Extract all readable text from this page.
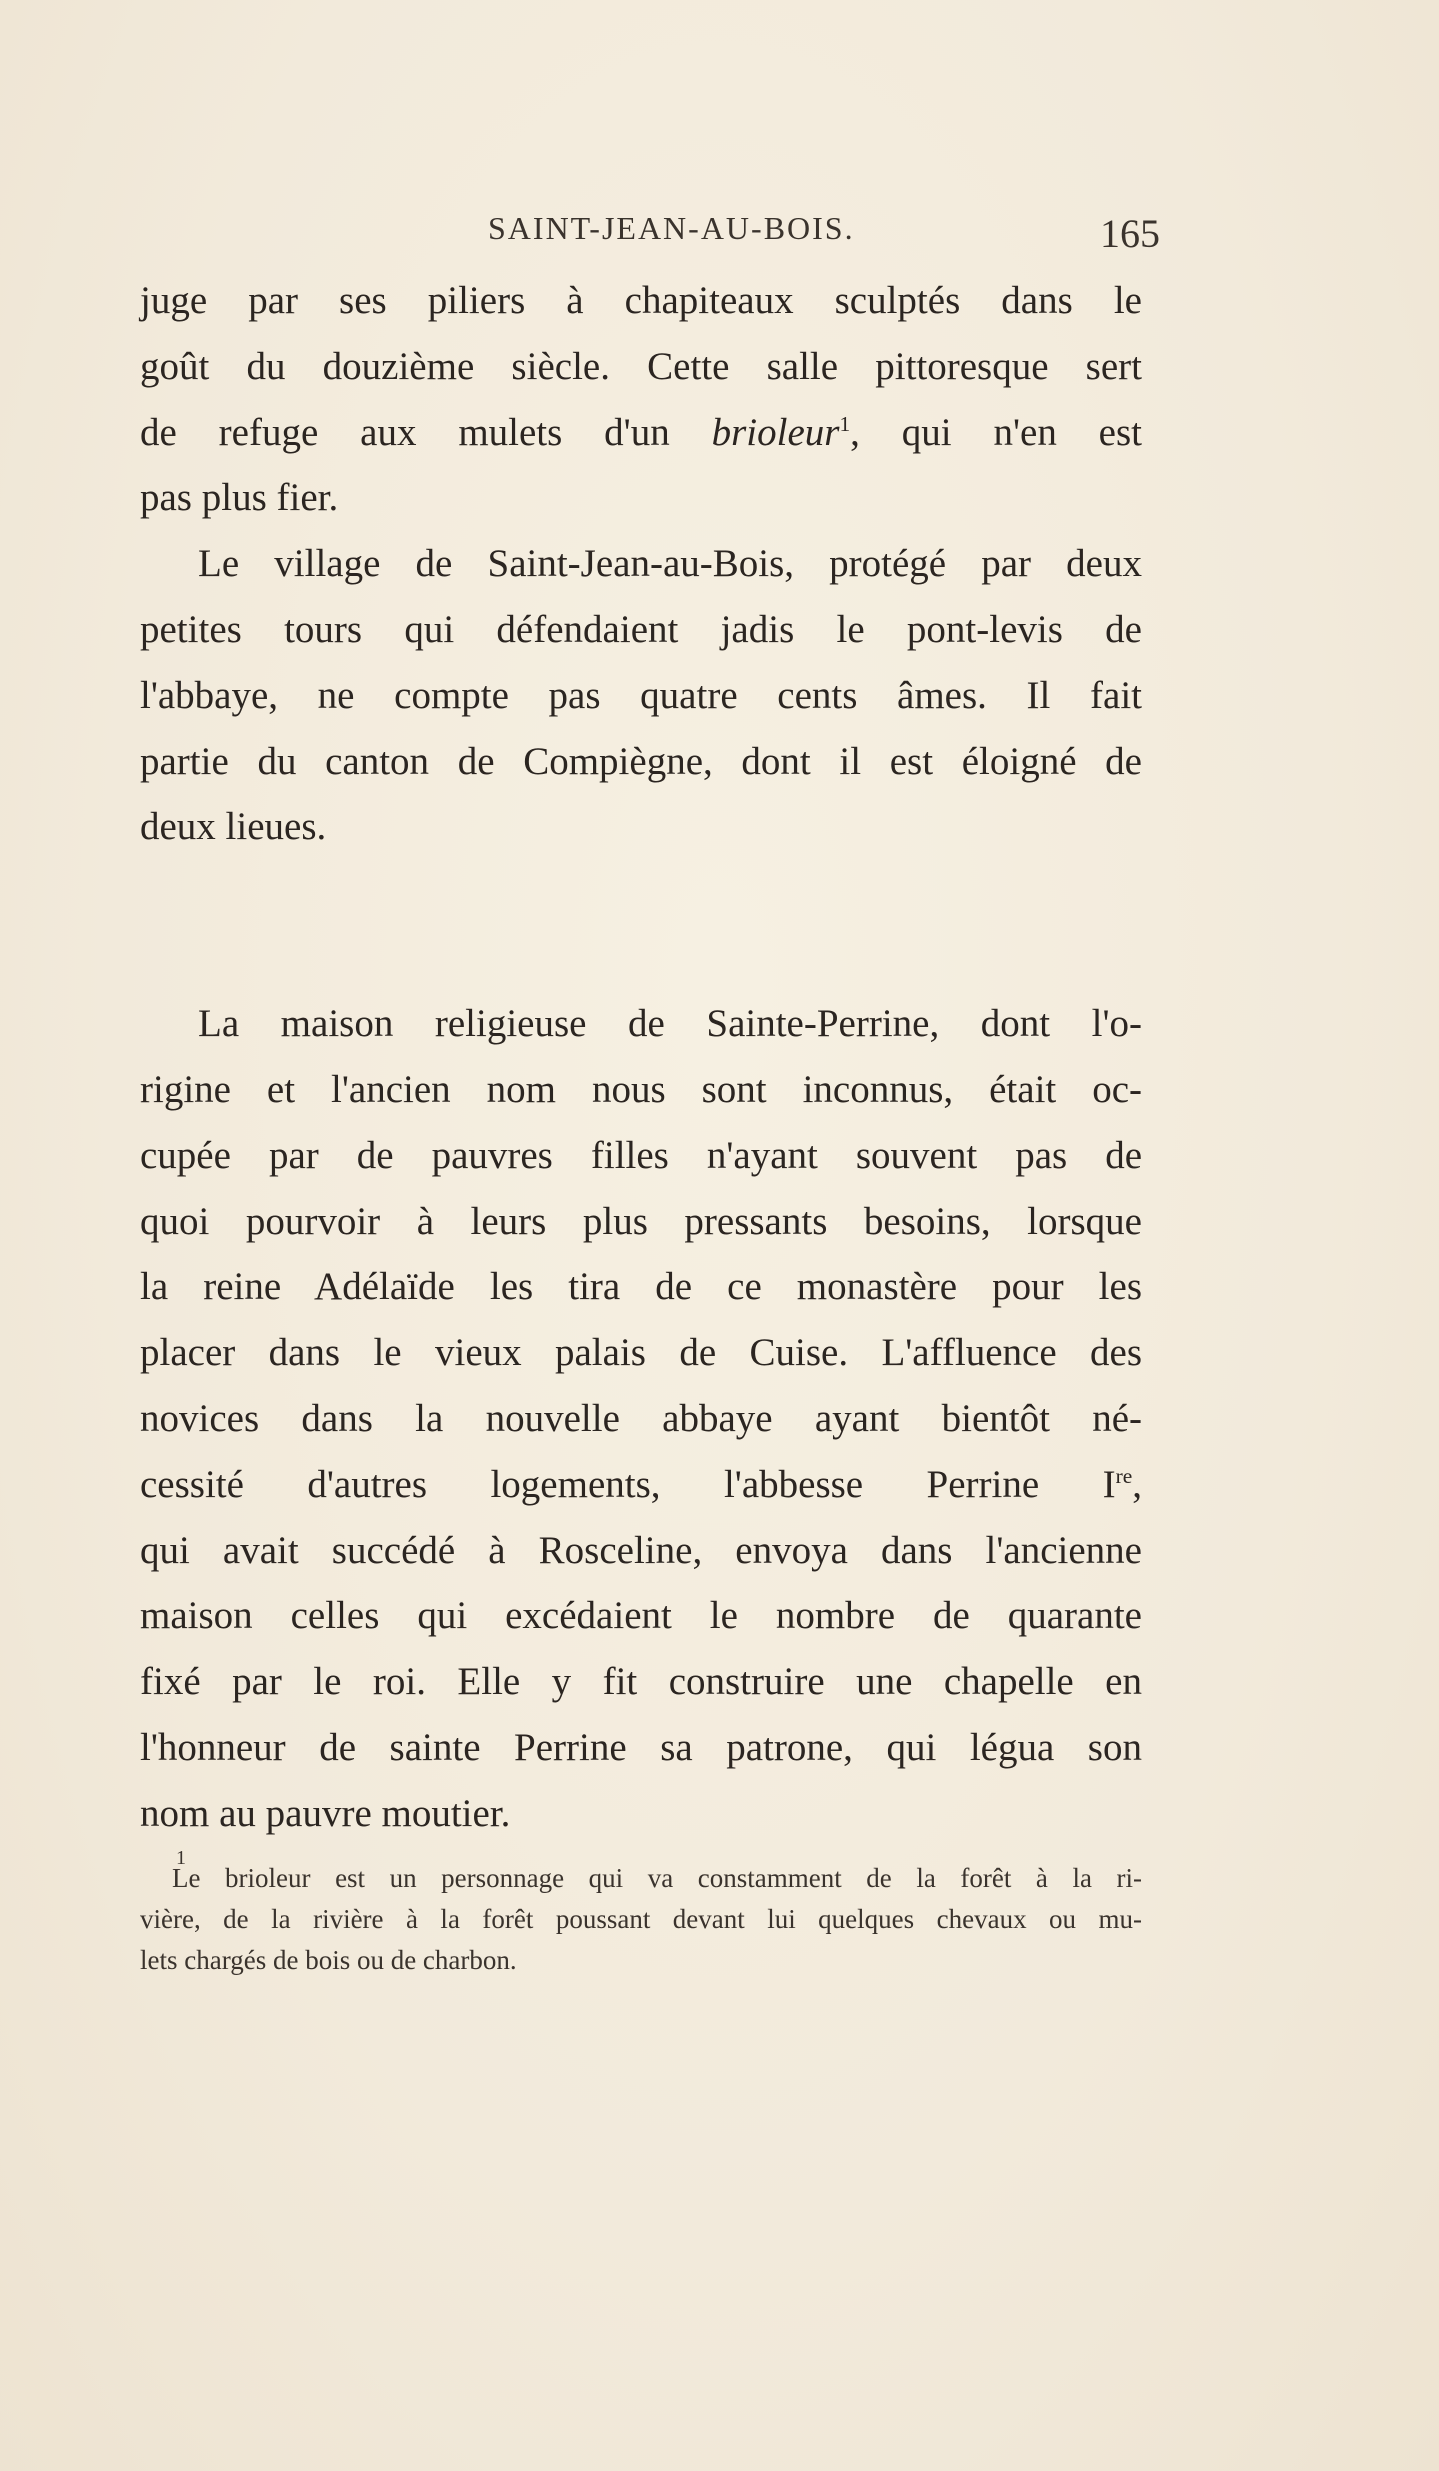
SAINT-JEAN-AU-BOIS.	165
juge par ses piliers à chapiteaux sculptés dans le
goût du douzième siècle. Cette salle pittoresque sert
de refuge aux mulets d'un brioleur$^1$, qui n'en est
pas plus fier.
Le village de Saint-Jean-au-Bois, protégé par deux
petites tours qui défendaient jadis le pont-levis de
l'abbaye, ne compte pas quatre cents âmes. Il fait
partie du canton de Compiègne, dont il est éloigné de
deux lieues.
La maison religieuse de Sainte-Perrine, dont l'o-
rigine et l'ancien nom nous sont inconnus, était oc-
cupée par de pauvres filles n'ayant souvent pas de
quoi pourvoir à leurs plus pressants besoins, lorsque
la reine Adélaïde les tira de ce monastère pour les
placer dans le vieux palais de Cuise. L'affluence des
novices dans la nouvelle abbaye ayant bientôt né-
cessité d'autres logements, l'abbesse Perrine Ire,
qui avait succédé à Rosceline, envoya dans l'ancienne
maison celles qui excédaient le nombre de quarante
fixé par le roi. Elle y fit construire une chapelle en
l'honneur de sainte Perrine sa patrone, qui légua son
nom au pauvre moutier.
1
Le brioleur est un personnage qui va constamment de la forêt à la ri-
vière, de la rivière à la forêt poussant devant lui quelques chevaux ou mu-
lets chargés de bois ou de charbon.
